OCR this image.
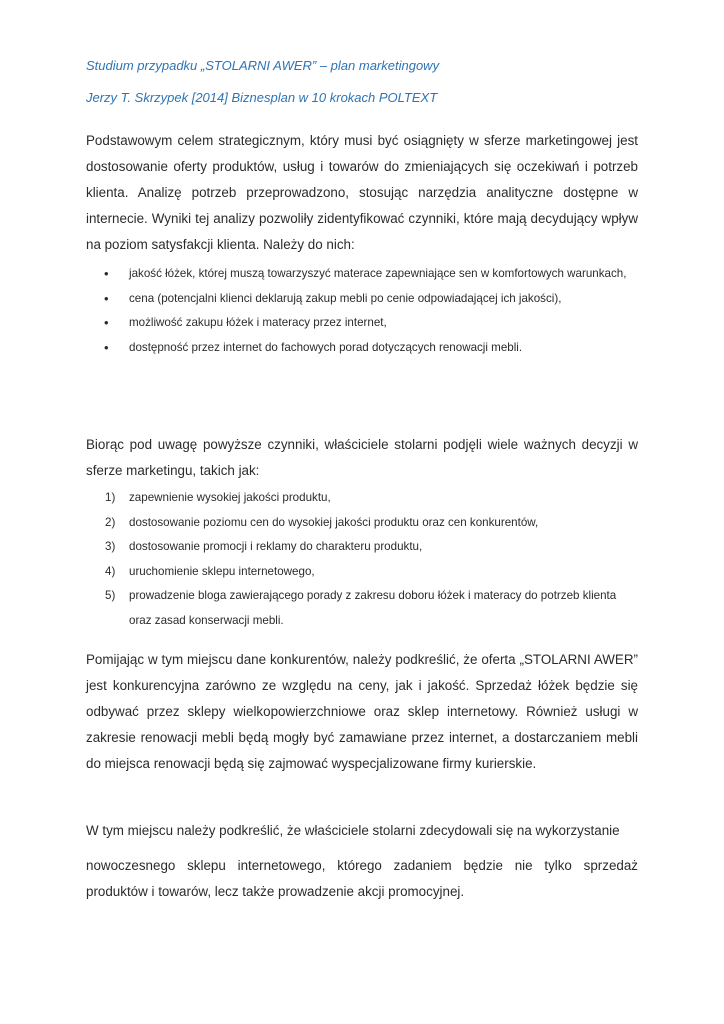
Studium przypadku „STOLARNI AWER” – plan marketingowy

Jerzy T. Skrzypek [2014] Biznesplan w 10 krokach POLTEXT

Podstawowym celem strategicznym, który musi być osiągnięty w sferze marketingowej jest dostosowanie oferty produktów, usług i towarów do zmieniających się oczekiwań i potrzeb klienta. Analizę potrzeb przeprowadzono, stosując narzędzia analityczne dostępne w internecie. Wyniki tej analizy pozwoliły zidentyfikować czynniki, które mają decydujący wpływ na poziom satysfakcji klienta. Należy do nich:

• jakość łóżek, której muszą towarzyszyć materace zapewniające sen w komfortowych warunkach,
• cena (potencjalni klienci deklarują zakup mebli po cenie odpowiadającej ich jakości),
• możliwość zakupu łóżek i materacy przez internet,
• dostępność przez internet do fachowych porad dotyczących renowacji mebli.

Biorąc pod uwagę powyższe czynniki, właściciele stolarni podjęli wiele ważnych decyzji w sferze marketingu, takich jak:

1) zapewnienie wysokiej jakości produktu,
2) dostosowanie poziomu cen do wysokiej jakości produktu oraz cen konkurentów,
3) dostosowanie promocji i reklamy do charakteru produktu,
4) uruchomienie sklepu internetowego,
5) prowadzenie bloga zawierającego porady z zakresu doboru łóżek i materacy do potrzeb klienta oraz zasad konserwacji mebli.

Pomijając w tym miejscu dane konkurentów, należy podkreślić, że oferta „STOLARNI AWER” jest konkurencyjna zarówno ze względu na ceny, jak i jakość. Sprzedaż łóżek będzie się odbywać przez sklepy wielkopowierzchniowe oraz sklep internetowy. Również usługi w zakresie renowacji mebli będą mogły być zamawiane przez internet, a dostarczaniem mebli do miejsca renowacji będą się zajmować wyspecjalizowane firmy kurierskie.

W tym miejscu należy podkreślić, że właściciele stolarni zdecydowali się na wykorzystanie

nowoczesnego sklepu internetowego, którego zadaniem będzie nie tylko sprzedaż produktów i towarów, lecz także prowadzenie akcji promocyjnej.
